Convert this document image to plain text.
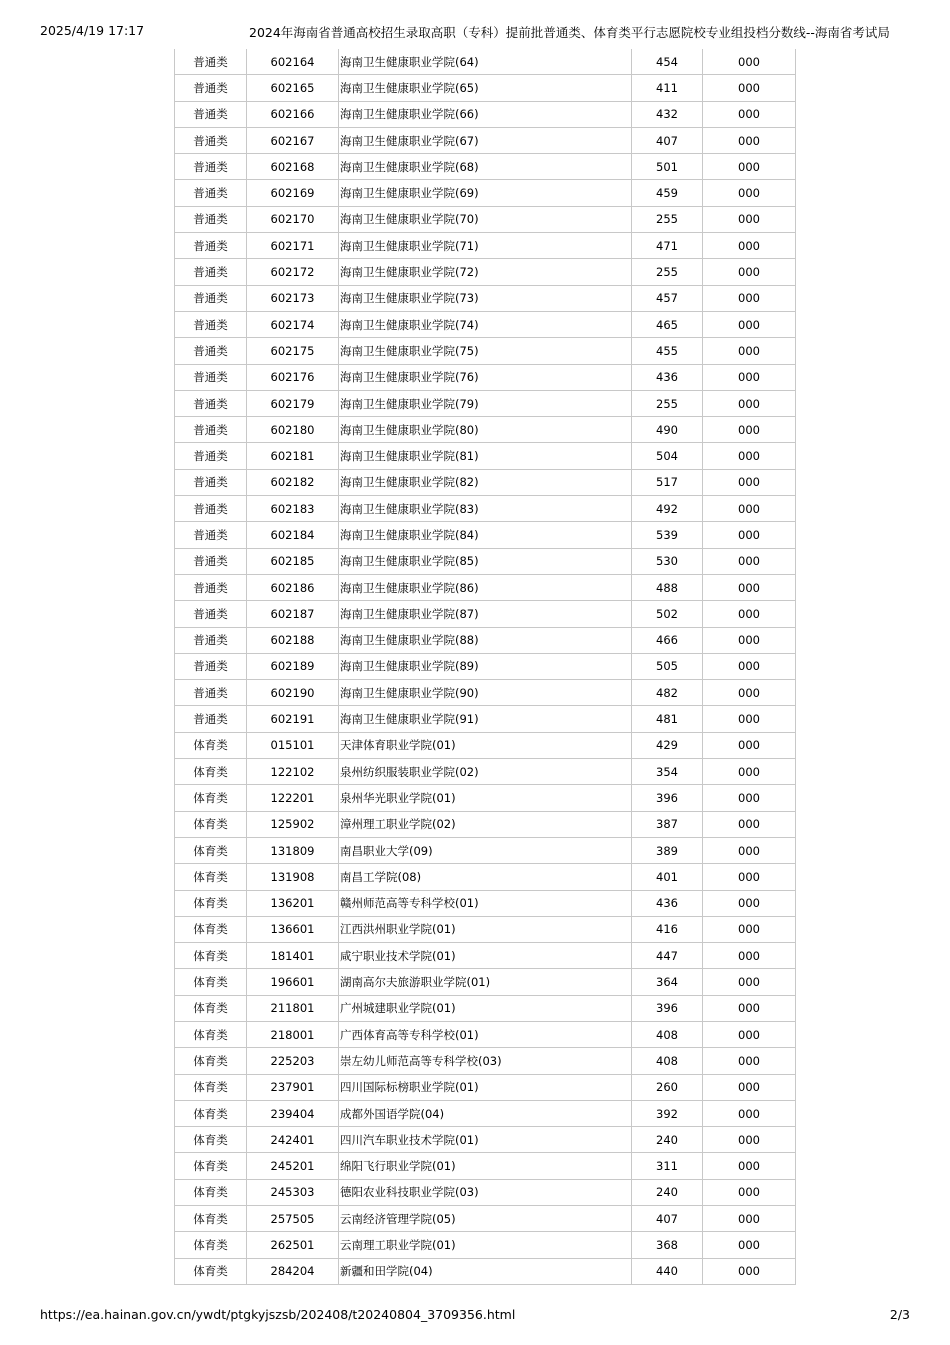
2025/4/19 17:17	2024年海南省普通高校招生录取高职（专科）提前批普通类、体育类平行志愿院校专业组投档分数线--海南省考试局
普通类	602164	海南卫生健康职业学院(64)	454	000
普通类	602165	海南卫生健康职业学院(65)	411	000
普通类	602166	海南卫生健康职业学院(66)	432	000
普通类	602167	海南卫生健康职业学院(67)	407	000
普通类	602168	海南卫生健康职业学院(68)	501	000
普通类	602169	海南卫生健康职业学院(69)	459	000
普通类	602170	海南卫生健康职业学院(70)	255	000
普通类	602171	海南卫生健康职业学院(71)	471	000
普通类	602172	海南卫生健康职业学院(72)	255	000
普通类	602173	海南卫生健康职业学院(73)	457	000
普通类	602174	海南卫生健康职业学院(74)	465	000
普通类	602175	海南卫生健康职业学院(75)	455	000
普通类	602176	海南卫生健康职业学院(76)	436	000
普通类	602179	海南卫生健康职业学院(79)	255	000
普通类	602180	海南卫生健康职业学院(80)	490	000
普通类	602181	海南卫生健康职业学院(81)	504	000
普通类	602182	海南卫生健康职业学院(82)	517	000
普通类	602183	海南卫生健康职业学院(83)	492	000
普通类	602184	海南卫生健康职业学院(84)	539	000
普通类	602185	海南卫生健康职业学院(85)	530	000
普通类	602186	海南卫生健康职业学院(86)	488	000
普通类	602187	海南卫生健康职业学院(87)	502	000
普通类	602188	海南卫生健康职业学院(88)	466	000
普通类	602189	海南卫生健康职业学院(89)	505	000
普通类	602190	海南卫生健康职业学院(90)	482	000
普通类	602191	海南卫生健康职业学院(91)	481	000
体育类	015101	天津体育职业学院(01)	429	000
体育类	122102	泉州纺织服装职业学院(02)	354	000
体育类	122201	泉州华光职业学院(01)	396	000
体育类	125902	漳州理工职业学院(02)	387	000
体育类	131809	南昌职业大学(09)	389	000
体育类	131908	南昌工学院(08)	401	000
体育类	136201	赣州师范高等专科学校(01)	436	000
体育类	136601	江西洪州职业学院(01)	416	000
体育类	181401	咸宁职业技术学院(01)	447	000
体育类	196601	湖南高尔夫旅游职业学院(01)	364	000
体育类	211801	广州城建职业学院(01)	396	000
体育类	218001	广西体育高等专科学校(01)	408	000
体育类	225203	崇左幼儿师范高等专科学校(03)	408	000
体育类	237901	四川国际标榜职业学院(01)	260	000
体育类	239404	成都外国语学院(04)	392	000
体育类	242401	四川汽车职业技术学院(01)	240	000
体育类	245201	绵阳飞行职业学院(01)	311	000
体育类	245303	德阳农业科技职业学院(03)	240	000
体育类	257505	云南经济管理学院(05)	407	000
体育类	262501	云南理工职业学院(01)	368	000
体育类	284204	新疆和田学院(04)	440	000
https://ea.hainan.gov.cn/ywdt/ptgkyjszsb/202408/t20240804_3709356.html	2/3
